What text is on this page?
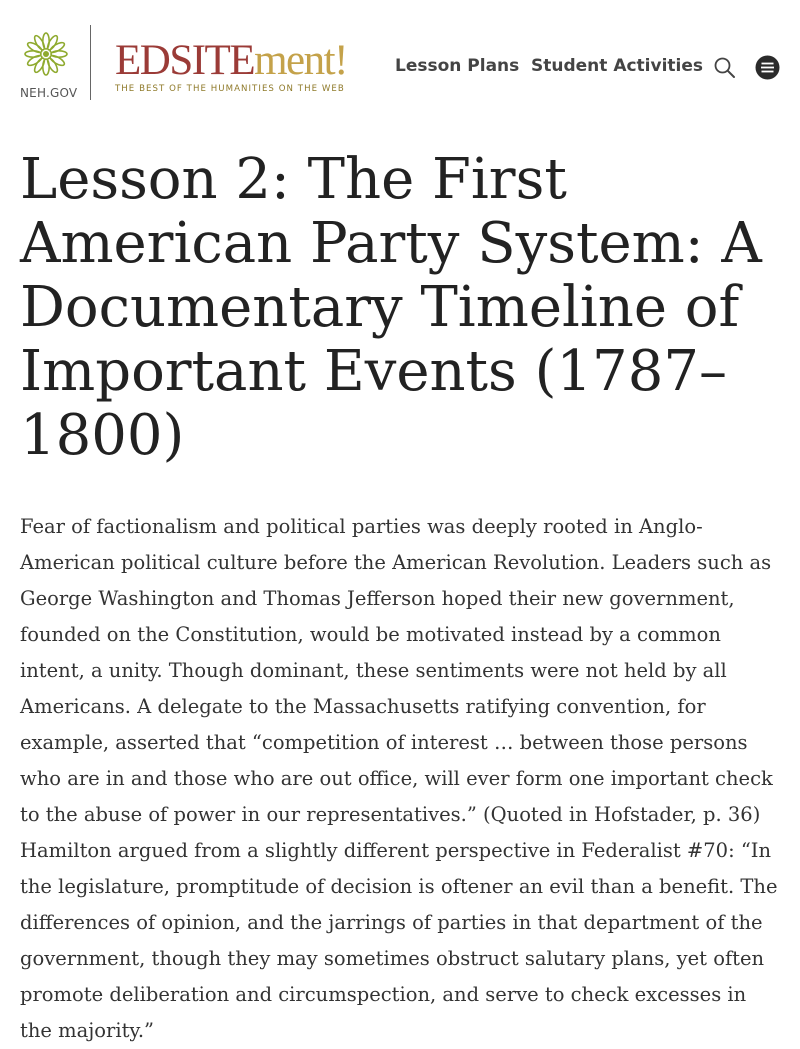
NEH.GOV
EDSITEment!
THE BEST OF THE HUMANITIES ON THE WEB
Lesson Plans Student Activities
Lesson 2: The First American Party System: A Documentary Timeline of Important Events (1787–1800)

Fear of factionalism and political parties was deeply rooted in Anglo-American political culture before the American Revolution. Leaders such as George Washington and Thomas Jefferson hoped their new government, founded on the Constitution, would be motivated instead by a common intent, a unity. Though dominant, these sentiments were not held by all Americans. A delegate to the Massachusetts ratifying convention, for example, asserted that “competition of interest … between those persons who are in and those who are out office, will ever form one important check to the abuse of power in our representatives.” (Quoted in Hofstader, p. 36) Hamilton argued from a slightly different perspective in Federalist #70: “In the legislature, promptitude of decision is oftener an evil than a benefit. The differences of opinion, and the jarrings of parties in that department of the government, though they may sometimes obstruct salutary plans, yet often promote deliberation and circumspection, and serve to check excesses in the majority.”
